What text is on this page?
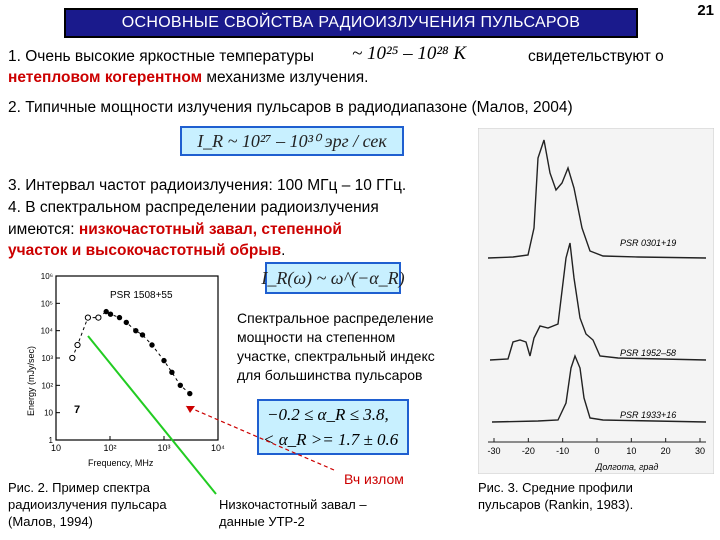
ОСНОВНЫЕ СВОЙСТВА РАДИОИЗЛУЧЕНИЯ ПУЛЬСАРОВ
21
1. Очень высокие яркостные температуры ~ 10²⁵ – 10²⁸ K	свидетельствуют о
нетепловом когерентном механизме излучения.
2. Типичные мощности излучения пульсаров в радиодиапазоне (Малов, 2004)
I_R ~ 10²⁷ – 10³⁰ эрг / сек
3. Интервал частот радиоизлучения: 100 МГц – 10 ГГц.
4. В спектральном распределении радиоизлучения
имеются: низкочастотный завал, степенной
участок и высокочастотный обрыв.
I_R(ω) ~ ω^(−α_R)
Спектральное распределение
мощности на степенном
участке, спектральный индекс
для большинства пульсаров
−0.2 ≤ α_R ≤ 3.8,
< α_R >= 1.7 ± 0.6
Вч излом
Рис. 2. Пример спектра
радиоизлучения пульсара
(Малов, 1994)
Низкочастотный завал –
данные УТР-2
Рис. 3. Средние профили
пульсаров (Rankin, 1983).
PSR 1508+55
Energy (mJy/sec)
Frequency, MHz
7
1
10
10²
10³
10⁴
10⁵
10⁶
10	10²	10³	10⁴
PSR 0301+19
PSR 1952–58
PSR 1933+16
-30 -20 -10	0	10	20	30
Долгота, град
